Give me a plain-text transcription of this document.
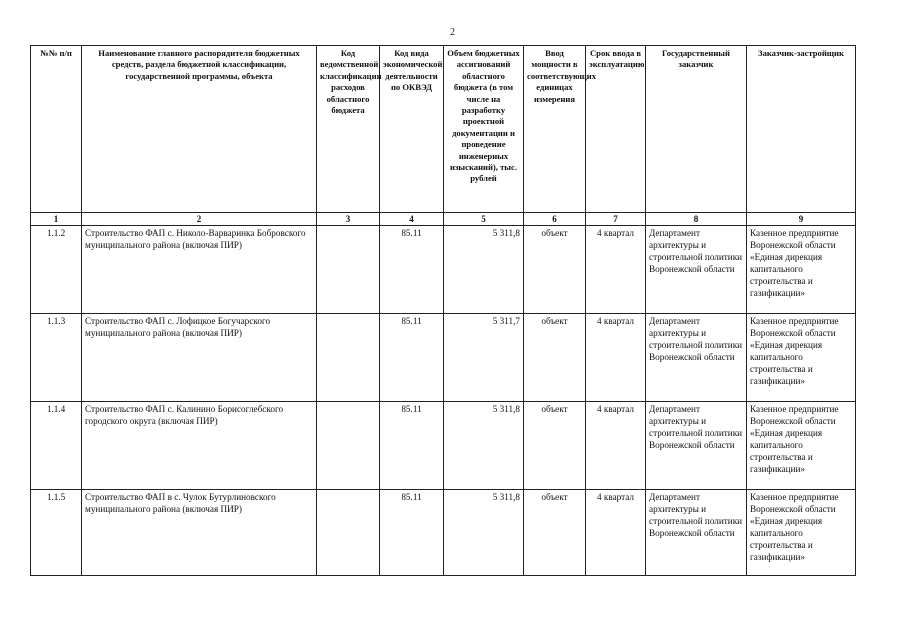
2
№№ п/п	Наименование главного распорядителя бюджетных средств, раздела бюджетной классификации, государственной программы, объекта	Код ведомственной классификации расходов областного бюджета	Код вида экономической деятельности по ОКВЭД	Объем бюджетных ассигнований областного бюджета (в том числе на разработку проектной документации и проведение инженерных изысканий), тыс. рублей	Ввод мощности в соответствующих единицах измерения	Срок ввода в эксплуатацию	Государственный заказчик	Заказчик-застройщик
1	2	3	4	5	6	7	8	9
1.1.2	Строительство ФАП с. Николо-Варваринка Бобровского муниципального района (включая ПИР)		85.11	5 311,8	объект	4 квартал	Департамент архитектуры и строительной политики Воронежской области	Казенное предприятие Воронежской области «Единая дирекция капитального строительства и газификации»
1.1.3	Строительство ФАП с. Лофицкое Богучарского муниципального района (включая ПИР)		85.11	5 311,7	объект	4 квартал	Департамент архитектуры и строительной политики Воронежской области	Казенное предприятие Воронежской области «Единая дирекция капитального строительства и газификации»
1.1.4	Строительство ФАП с. Калинино Борисоглебского городского округа (включая ПИР)		85.11	5 311,8	объект	4 квартал	Департамент архитектуры и строительной политики Воронежской области	Казенное предприятие Воронежской области «Единая дирекция капитального строительства и газификации»
1.1.5	Строительство ФАП в с. Чулок Бутурлиновского муниципального района (включая ПИР)		85.11	5 311,8	объект	4 квартал	Департамент архитектуры и строительной политики Воронежской области	Казенное предприятие Воронежской области «Единая дирекция капитального строительства и газификации»
